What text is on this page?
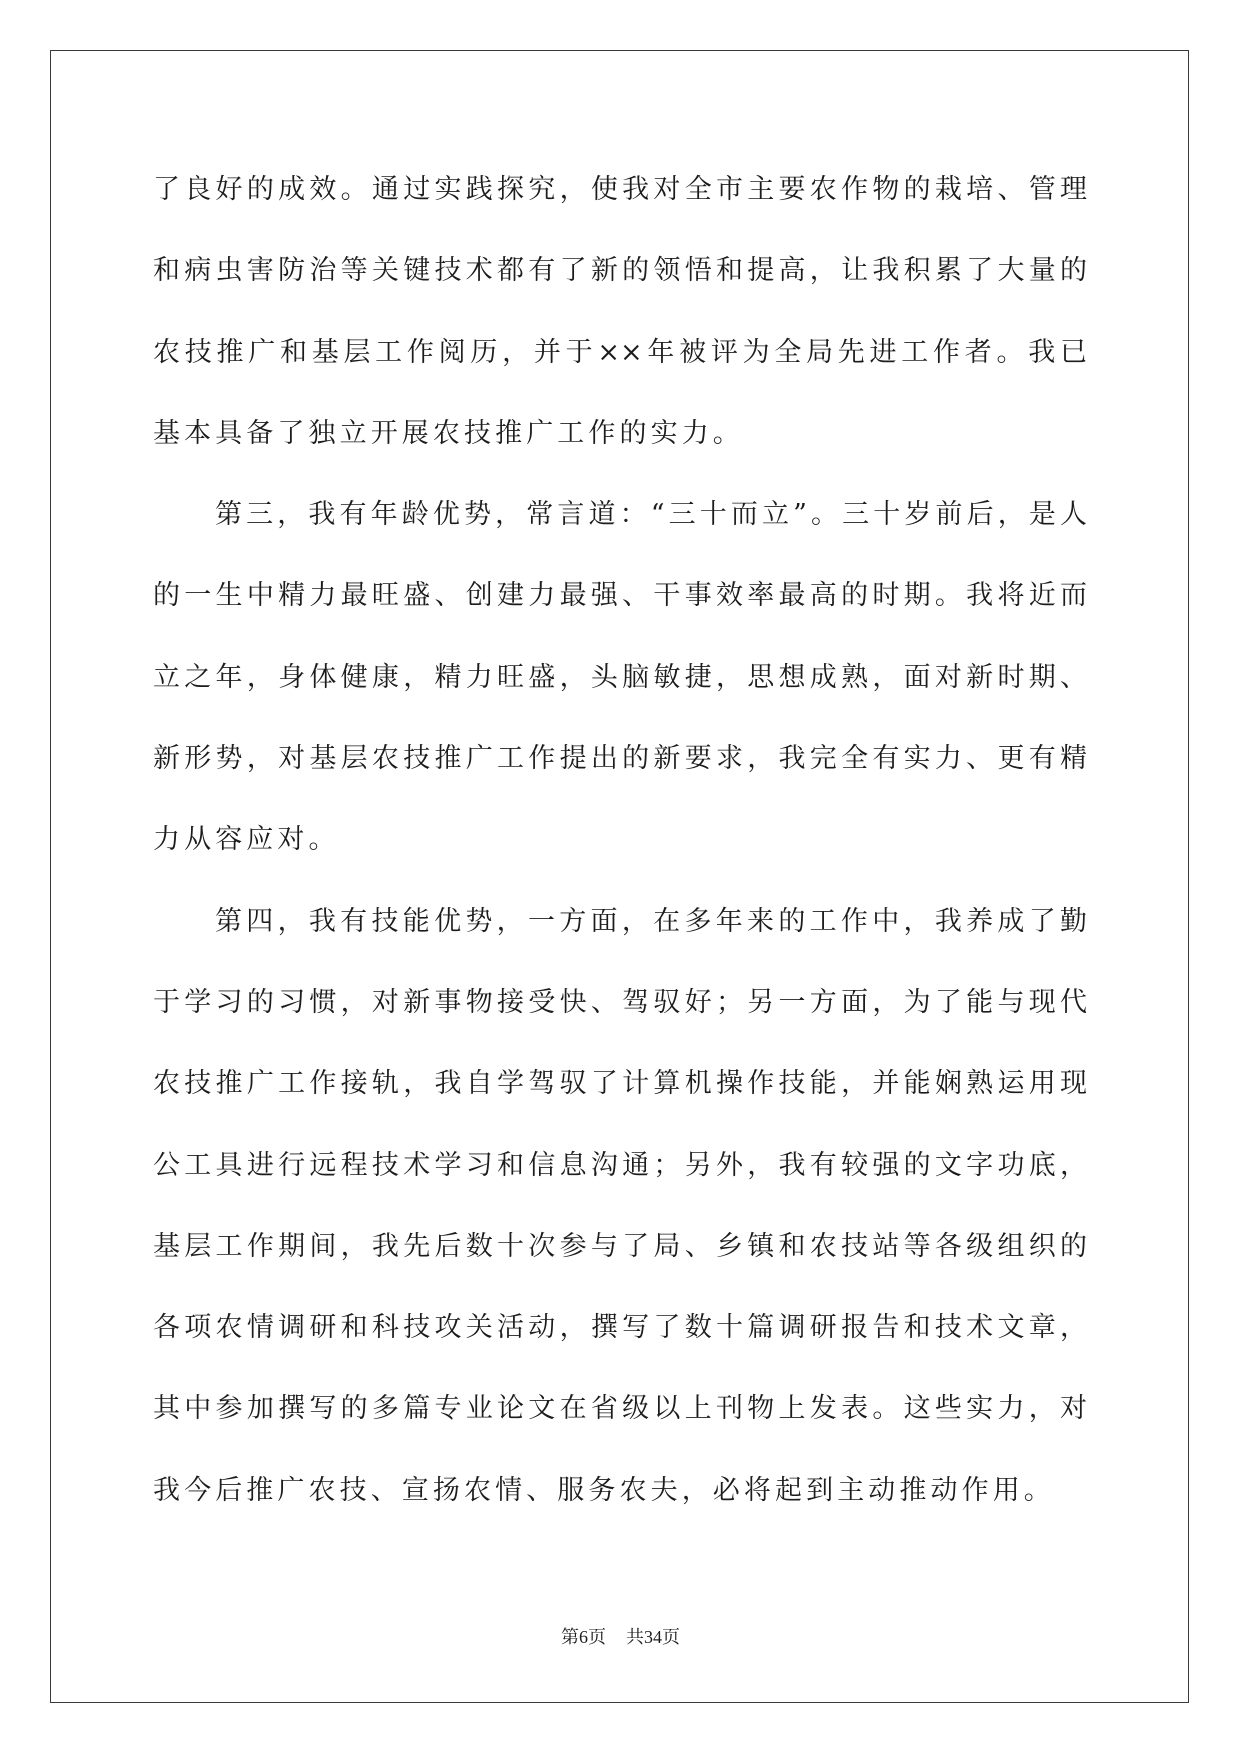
了良好的成效。通过实践探究，使我对全市主要农作物的栽培、管理
和病虫害防治等关键技术都有了新的领悟和提高，让我积累了大量的
农技推广和基层工作阅历，并于××年被评为全局先进工作者。我已
基本具备了独立开展农技推广工作的实力。
第三，我有年龄优势，常言道：“三十而立”。三十岁前后，是人
的一生中精力最旺盛、创建力最强、干事效率最高的时期。我将近而
立之年，身体健康，精力旺盛，头脑敏捷，思想成熟，面对新时期、
新形势，对基层农技推广工作提出的新要求，我完全有实力、更有精
力从容应对。
第四，我有技能优势，一方面，在多年来的工作中，我养成了勤
于学习的习惯，对新事物接受快、驾驭好；另一方面，为了能与现代
农技推广工作接轨，我自学驾驭了计算机操作技能，并能娴熟运用现
公工具进行远程技术学习和信息沟通；另外，我有较强的文字功底，
基层工作期间，我先后数十次参与了局、乡镇和农技站等各级组织的
各项农情调研和科技攻关活动，撰写了数十篇调研报告和技术文章，
其中参加撰写的多篇专业论文在省级以上刊物上发表。这些实力，对
我今后推广农技、宣扬农情、服务农夫，必将起到主动推动作用。
第6页 共34页
